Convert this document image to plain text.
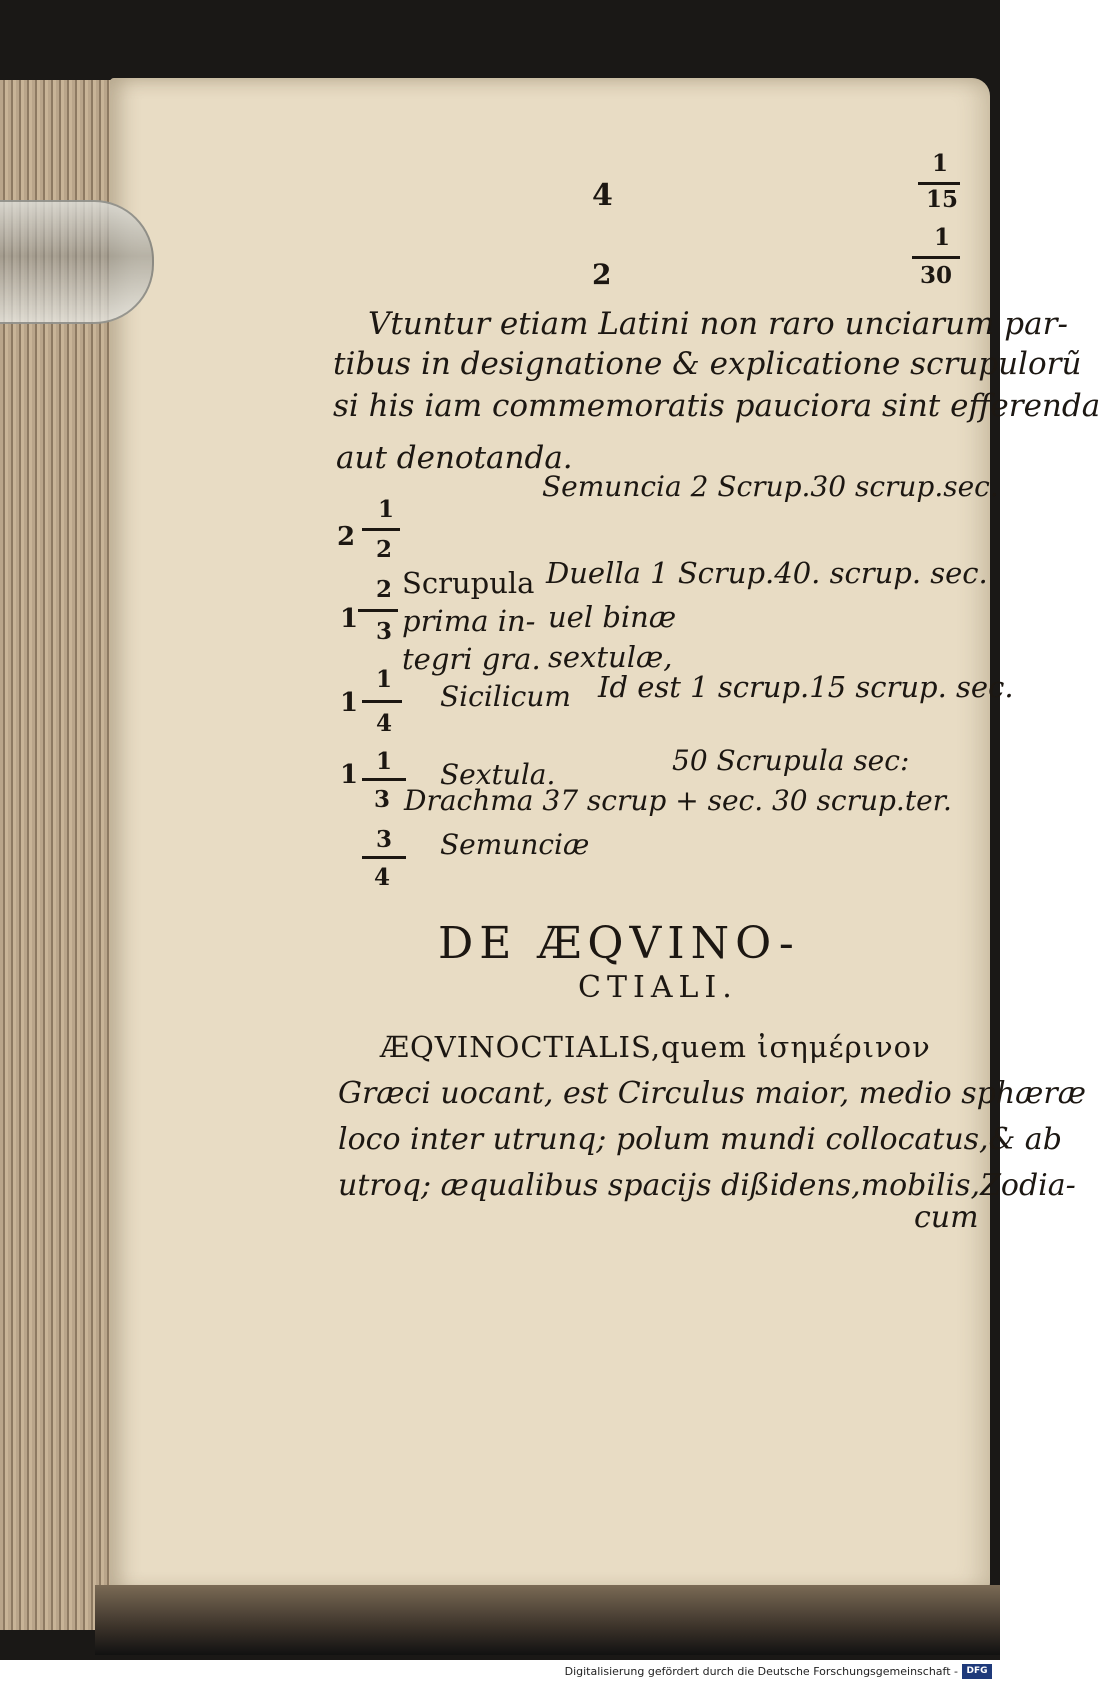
4
2
1
15
1
30
Vtuntur etiam Latini non raro unciarum par-
tibus in designatione & explicatione scrupulorũ
si his iam commemoratis pauciora sint efferenda
aut denotanda.
Semuncia 2 Scrup.30 scrup.sec.
2
1
2
1
2
3
Scrupula
prima in-
tegri gra.
Duella 1 Scrup.40. scrup. sec.
uel binæ
sextulæ,
1
1
4
Sicilicum Id est 1 scrup.15 scrup. sec.
1 1
3
Sextula.	50 Scrupula sec:
Drachma 37 scrup + sec. 30 scrup.ter.
3
4
Semunciæ
DE ÆQVINO-
CTIALI.
ÆQVINOCTIALIS,quem ἰσημέρινον
Græci uocant, est Circulus maior, medio sphæræ
loco inter utrunq; polum mundi collocatus,& ab
utroq; æqualibus spacijs dißidens,mobilis,Zodia-
cum
Digitalisierung gefördert durch die Deutsche Forschungsgemeinschaft - DFG
